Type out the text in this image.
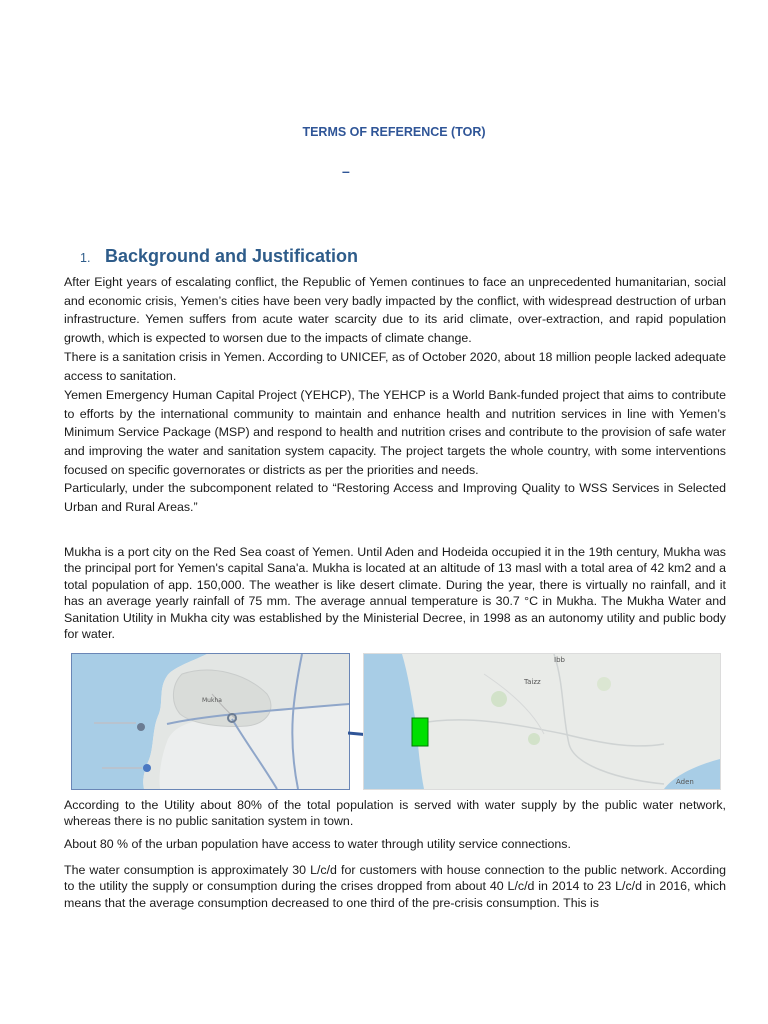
TERMS OF REFERENCE (TOR)
–
1. Background and Justification

After Eight years of escalating conflict, the Republic of Yemen continues to face an unprecedented humanitarian, social and economic crisis, Yemen’s cities have been very badly impacted by the conflict, with widespread destruction of urban infrastructure. Yemen suffers from acute water scarcity due to its arid climate, over-extraction, and rapid population growth, which is expected to worsen due to the impacts of climate change.

There is a sanitation crisis in Yemen. According to UNICEF, as of October 2020, about 18 million people lacked adequate access to sanitation.

Yemen Emergency Human Capital Project (YEHCP), The YEHCP is a World Bank-funded project that aims to contribute to efforts by the international community to maintain and enhance health and nutrition services in line with Yemen’s Minimum Service Package (MSP) and respond to health and nutrition crises and contribute to the provision of safe water and improving the water and sanitation system capacity. The project targets the whole country, with some interventions focused on specific governorates or districts as per the priorities and needs.

Particularly, under the subcomponent related to “Restoring Access and Improving Quality to WSS Services in Selected Urban and Rural Areas.”

Mukha is a port city on the Red Sea coast of Yemen. Until Aden and Hodeida occupied it in the 19th century, Mukha was the principal port for Yemen's capital Sana'a. Mukha is located at an altitude of 13 masl with a total area of 42 km2 and a total population of app. 150,000. The weather is like desert climate. During the year, there is virtually no rainfall, and it has an average yearly rainfall of 75 mm. The average annual temperature is 30.7 °C in Mukha. The Mukha Water and Sanitation Utility in Mukha city was established by the Ministerial Decree, in 1998 as an autonomy utility and public body for water.

Mukha
Ibb
Taizz
Aden

According to the Utility about 80% of the total population is served with water supply by the public water network, whereas there is no public sanitation system in town.

About 80 % of the urban population have access to water through utility service connections.

The water consumption is approximately 30 L/c/d for customers with house connection to the public network. According to the utility the supply or consumption during the crises dropped from about 40 L/c/d in 2014 to 23 L/c/d in 2016, which means that the average consumption decreased to one third of the pre-crisis consumption. This is
